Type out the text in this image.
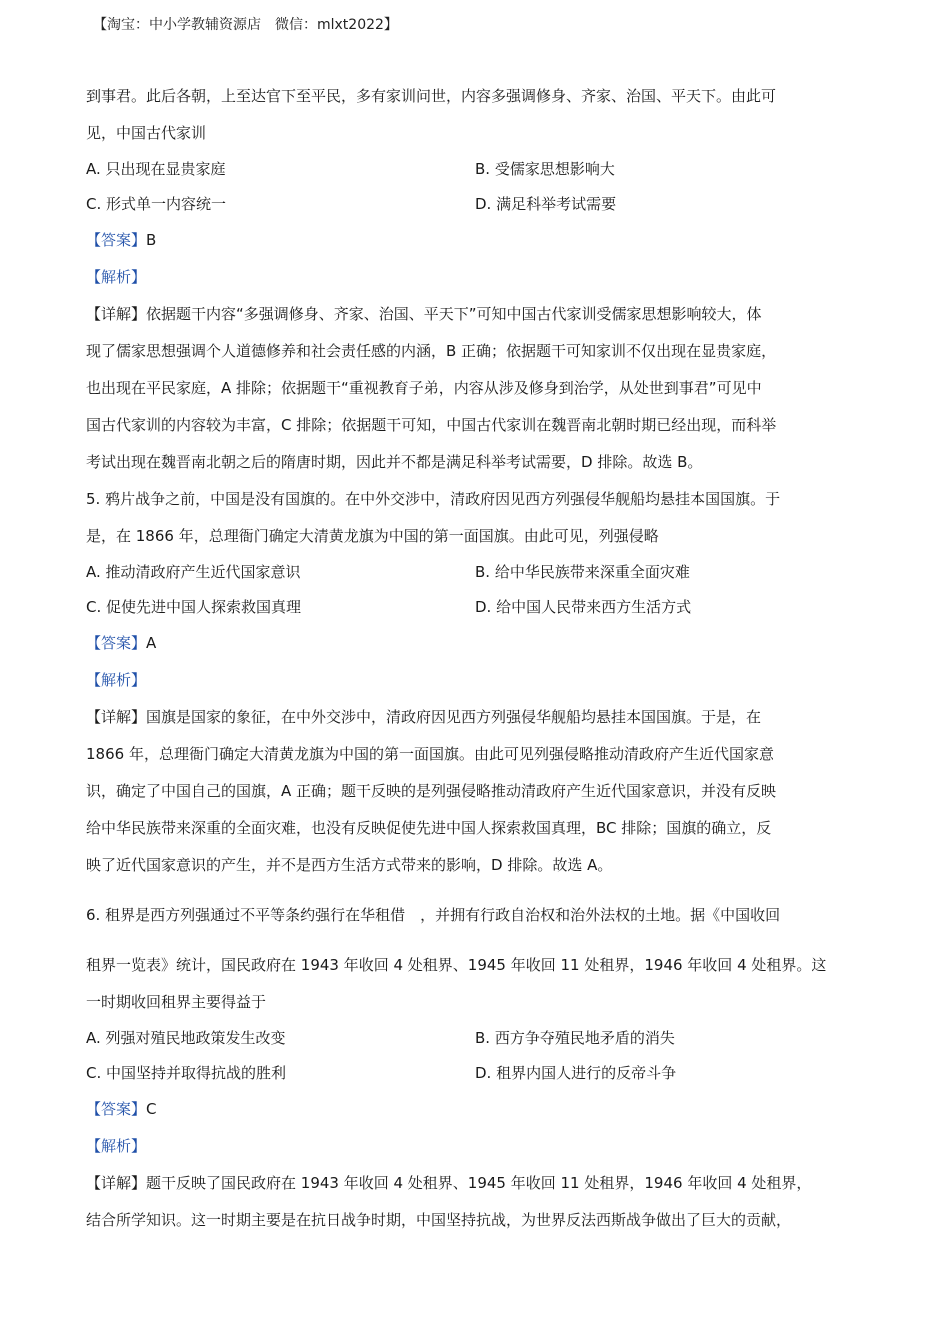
【淘宝：中小学教辅资源店　微信：mlxt2022】
到事君。此后各朝，上至达官下至平民，多有家训问世，内容多强调修身、齐家、治国、平天下。由此可
见，中国古代家训
A. 只出现在显贵家庭	B. 受儒家思想影响大
C. 形式单一内容统一	D. 满足科举考试需要
【答案】B
【解析】
【详解】依据题干内容“多强调修身、齐家、治国、平天下”可知中国古代家训受儒家思想影响较大，体
现了儒家思想强调个人道德修养和社会责任感的内涵，B 正确；依据题干可知家训不仅出现在显贵家庭，
也出现在平民家庭，A 排除；依据题干“重视教育子弟，内容从涉及修身到治学，从处世到事君”可见中
国古代家训的内容较为丰富，C 排除；依据题干可知，中国古代家训在魏晋南北朝时期已经出现，而科举
考试出现在魏晋南北朝之后的隋唐时期，因此并不都是满足科举考试需要，D 排除。故选 B。
5. 鸦片战争之前，中国是没有国旗的。在中外交涉中，清政府因见西方列强侵华舰船均悬挂本国国旗。于
是，在 1866 年，总理衙门确定大清黄龙旗为中国的第一面国旗。由此可见，列强侵略
A. 推动清政府产生近代国家意识	B. 给中华民族带来深重全面灾难
C. 促使先进中国人探索救国真理	D. 给中国人民带来西方生活方式
【答案】A
【解析】
【详解】国旗是国家的象征，在中外交涉中，清政府因见西方列强侵华舰船均悬挂本国国旗。于是，在
1866 年，总理衙门确定大清黄龙旗为中国的第一面国旗。由此可见列强侵略推动清政府产生近代国家意
识，确定了中国自己的国旗，A 正确；题干反映的是列强侵略推动清政府产生近代国家意识，并没有反映
给中华民族带来深重的全面灾难，也没有反映促使先进中国人探索救国真理，BC 排除；国旗的确立，反
映了近代国家意识的产生，并不是西方生活方式带来的影响，D 排除。故选 A。
6. 租界是西方列强通过不平等条约强行在华租借　，并拥有行政自治权和治外法权的土地。据《中国收回
租界一览表》统计，国民政府在 1943 年收回 4 处租界、1945 年收回 11 处租界，1946 年收回 4 处租界。这
一时期收回租界主要得益于
A. 列强对殖民地政策发生改变	B. 西方争夺殖民地矛盾的消失
C. 中国坚持并取得抗战的胜利	D. 租界内国人进行的反帝斗争
【答案】C
【解析】
【详解】题干反映了国民政府在 1943 年收回 4 处租界、1945 年收回 11 处租界，1946 年收回 4 处租界，
结合所学知识。这一时期主要是在抗日战争时期，中国坚持抗战，为世界反法西斯战争做出了巨大的贡献，
